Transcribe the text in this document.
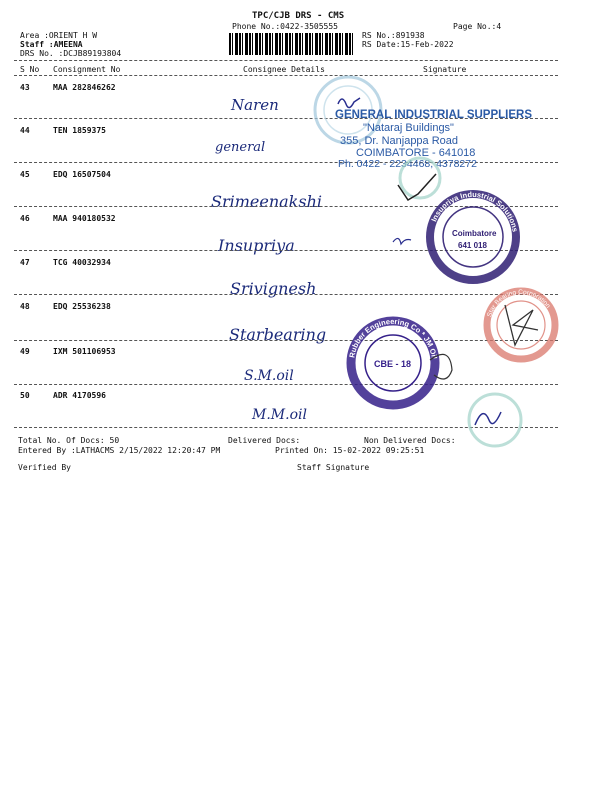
TPC/CJB DRS - CMS
Phone No.:0422-3505555	Page No.:4
Area :ORIENT H W
Staff :AMEENA
DRS No. :DCJB89193804
RS No.:891938
RS Date:15-Feb-2022
S No Consignment No	Consignee Details	Signature
43	MAA 282846262
Naren
44	TEN 1859375
general
45	EDQ 16507504
Srimeenakshi
46	MAA 940180532
Insupriya
47	TCG 40032934
Srivignesh
48	EDQ 25536238
Starbearing
49	IXM 501106953
S.M.oil
50	ADR 4170596
M.M.oil
GENERAL INDUSTRIAL SUPPLIERS
"Nataraj Buildings"
355, Dr. Nanjappa Road
COIMBATORE - 641018
Ph. 0422 - 2234468, 4378272
Insupriya Industrial Solutions
Coimbatore
641 018
Star Bearing Corporation
Rubber Engineering Co * JM Oil
CBE - 18
Total No. Of Docs: 50	Delivered Docs:	Non Delivered Docs:
Entered By :LATHACMS 2/15/2022 12:20:47 PM	Printed On: 15-02-2022 09:25:51
Verified By	Staff Signature
